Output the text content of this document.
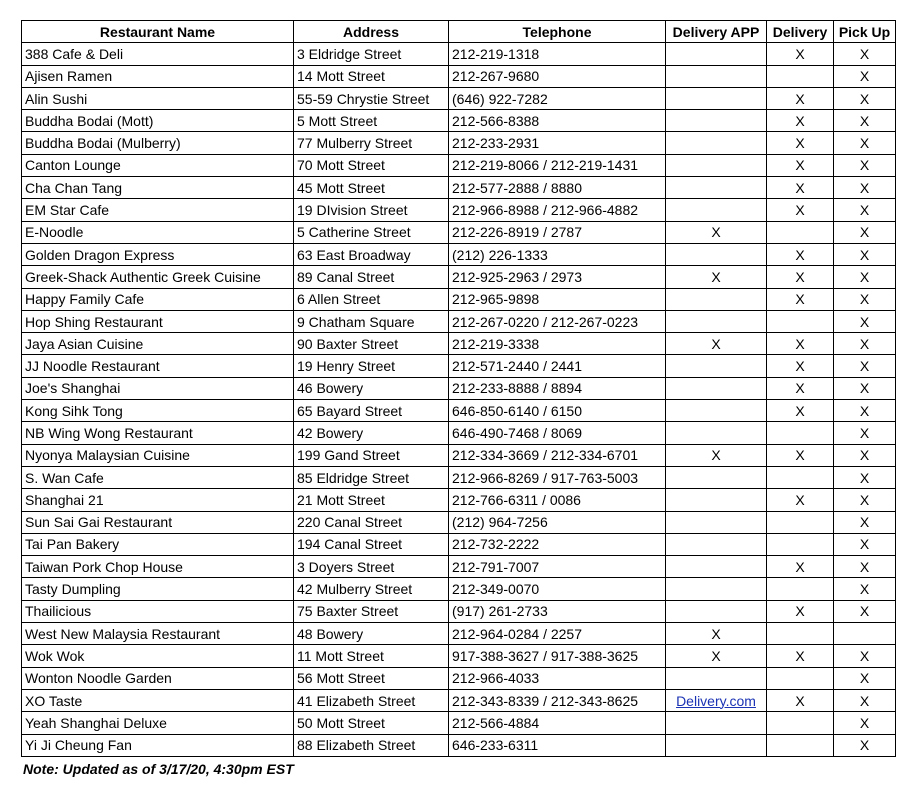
Restaurant Name	Address	Telephone	Delivery APP	Delivery	Pick Up
388 Cafe & Deli	3 Eldridge Street	212-219-1318		X	X
Ajisen Ramen	14 Mott Street	212-267-9680			X
Alin Sushi	55-59 Chrystie Street	(646) 922-7282		X	X
Buddha Bodai (Mott)	5 Mott Street	212-566-8388		X	X
Buddha Bodai (Mulberry)	77 Mulberry Street	212-233-2931		X	X
Canton Lounge	70 Mott Street	212-219-8066 / 212-219-1431		X	X
Cha Chan Tang	45 Mott Street	212-577-2888 / 8880		X	X
EM Star Cafe	19 DIvision Street	212-966-8988 / 212-966-4882		X	X
E-Noodle	5 Catherine Street	212-226-8919 / 2787	X		X
Golden Dragon Express	63 East Broadway	(212) 226-1333		X	X
Greek-Shack Authentic Greek Cuisine	89 Canal Street	212-925-2963 / 2973	X	X	X
Happy Family Cafe	6 Allen Street	212-965-9898		X	X
Hop Shing Restaurant	9 Chatham Square	212-267-0220 / 212-267-0223			X
Jaya Asian Cuisine	90 Baxter Street	212-219-3338	X	X	X
JJ Noodle Restaurant	19 Henry Street	212-571-2440 / 2441		X	X
Joe's Shanghai	46 Bowery	212-233-8888 / 8894		X	X
Kong Sihk Tong	65 Bayard Street	646-850-6140 / 6150		X	X
NB Wing Wong Restaurant	42 Bowery	646-490-7468 / 8069			X
Nyonya Malaysian Cuisine	199 Gand Street	212-334-3669 / 212-334-6701	X	X	X
S. Wan Cafe	85 Eldridge Street	212-966-8269 / 917-763-5003			X
Shanghai 21	21 Mott Street	212-766-6311 / 0086		X	X
Sun Sai Gai Restaurant	220 Canal Street	(212) 964-7256			X
Tai Pan Bakery	194 Canal Street	212-732-2222			X
Taiwan Pork Chop House	3 Doyers Street	212-791-7007		X	X
Tasty Dumpling	42 Mulberry Street	212-349-0070			X
Thailicious	75 Baxter Street	(917) 261-2733		X	X
West New Malaysia Restaurant	48 Bowery	212-964-0284 / 2257	X		
Wok Wok	11 Mott Street	917-388-3627 / 917-388-3625	X	X	X
Wonton Noodle Garden	56 Mott Street	212-966-4033			X
XO Taste	41 Elizabeth Street	212-343-8339 / 212-343-8625	Delivery.com	X	X
Yeah Shanghai Deluxe	50 Mott Street	212-566-4884			X
Yi Ji Cheung Fan	88 Elizabeth Street	646-233-6311			X
Note: Updated as of 3/17/20, 4:30pm EST
